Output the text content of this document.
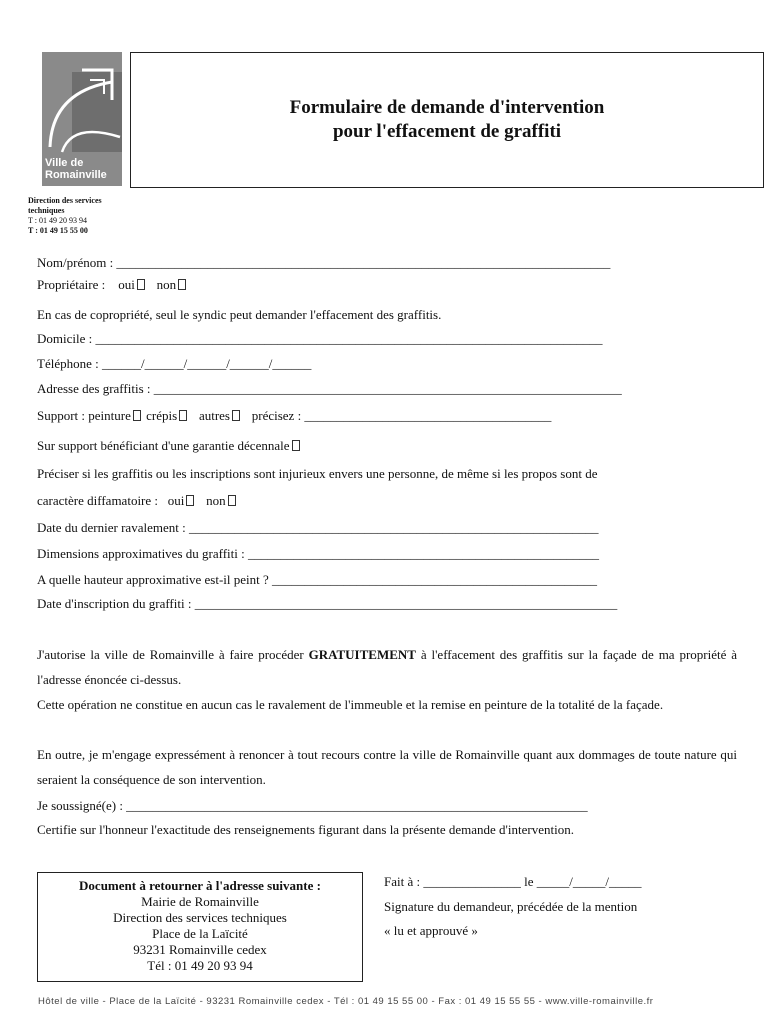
Ville de
Romainville
Formulaire de demande d'intervention
pour l'effacement de graffiti
Direction des services techniques
T : 01 49 20 93 94
T : 01 49 15 55 00
Nom/prénom : ____________________________________________________________________________
Propriétaire : oui non
En cas de copropriété, seul le syndic peut demander l'effacement des graffitis.
Domicile : ______________________________________________________________________________
Téléphone : ______/______/______/______/______
Adresse des graffitis : ________________________________________________________________________
Support : peinture crépis autres précisez : ______________________________________
Sur support bénéficiant d'une garantie décennale
Préciser si les graffitis ou les inscriptions sont injurieux envers une personne, de même si les propos sont de
caractère diffamatoire : oui non
Date du dernier ravalement : _______________________________________________________________
Dimensions approximatives du graffiti : ______________________________________________________
A quelle hauteur approximative est-il peint ? __________________________________________________
Date d'inscription du graffiti : _________________________________________________________________
J'autorise la ville de Romainville à faire procéder GRATUITEMENT à l'effacement des graffitis sur la façade de ma propriété à l'adresse énoncée ci-dessus.
Cette opération ne constitue en aucun cas le ravalement de l'immeuble et la remise en peinture de la totalité de la façade.
En outre, je m'engage expressément à renoncer à tout recours contre la ville de Romainville quant aux dommages de toute nature qui seraient la conséquence de son intervention.
Je soussigné(e) : _______________________________________________________________________
Certifie sur l'honneur l'exactitude des renseignements figurant dans la présente demande d'intervention.
Document à retourner à l'adresse suivante :
Mairie de Romainville
Direction des services techniques
Place de la Laïcité
93231 Romainville cedex
Tél : 01 49 20 93 94
Fait à : _______________ le _____/_____/_____
Signature du demandeur, précédée de la mention
« lu et approuvé »
Hôtel de ville - Place de la Laïcité - 93231 Romainville cedex - Tél : 01 49 15 55 00 - Fax : 01 49 15 55 55 - www.ville-romainville.fr
